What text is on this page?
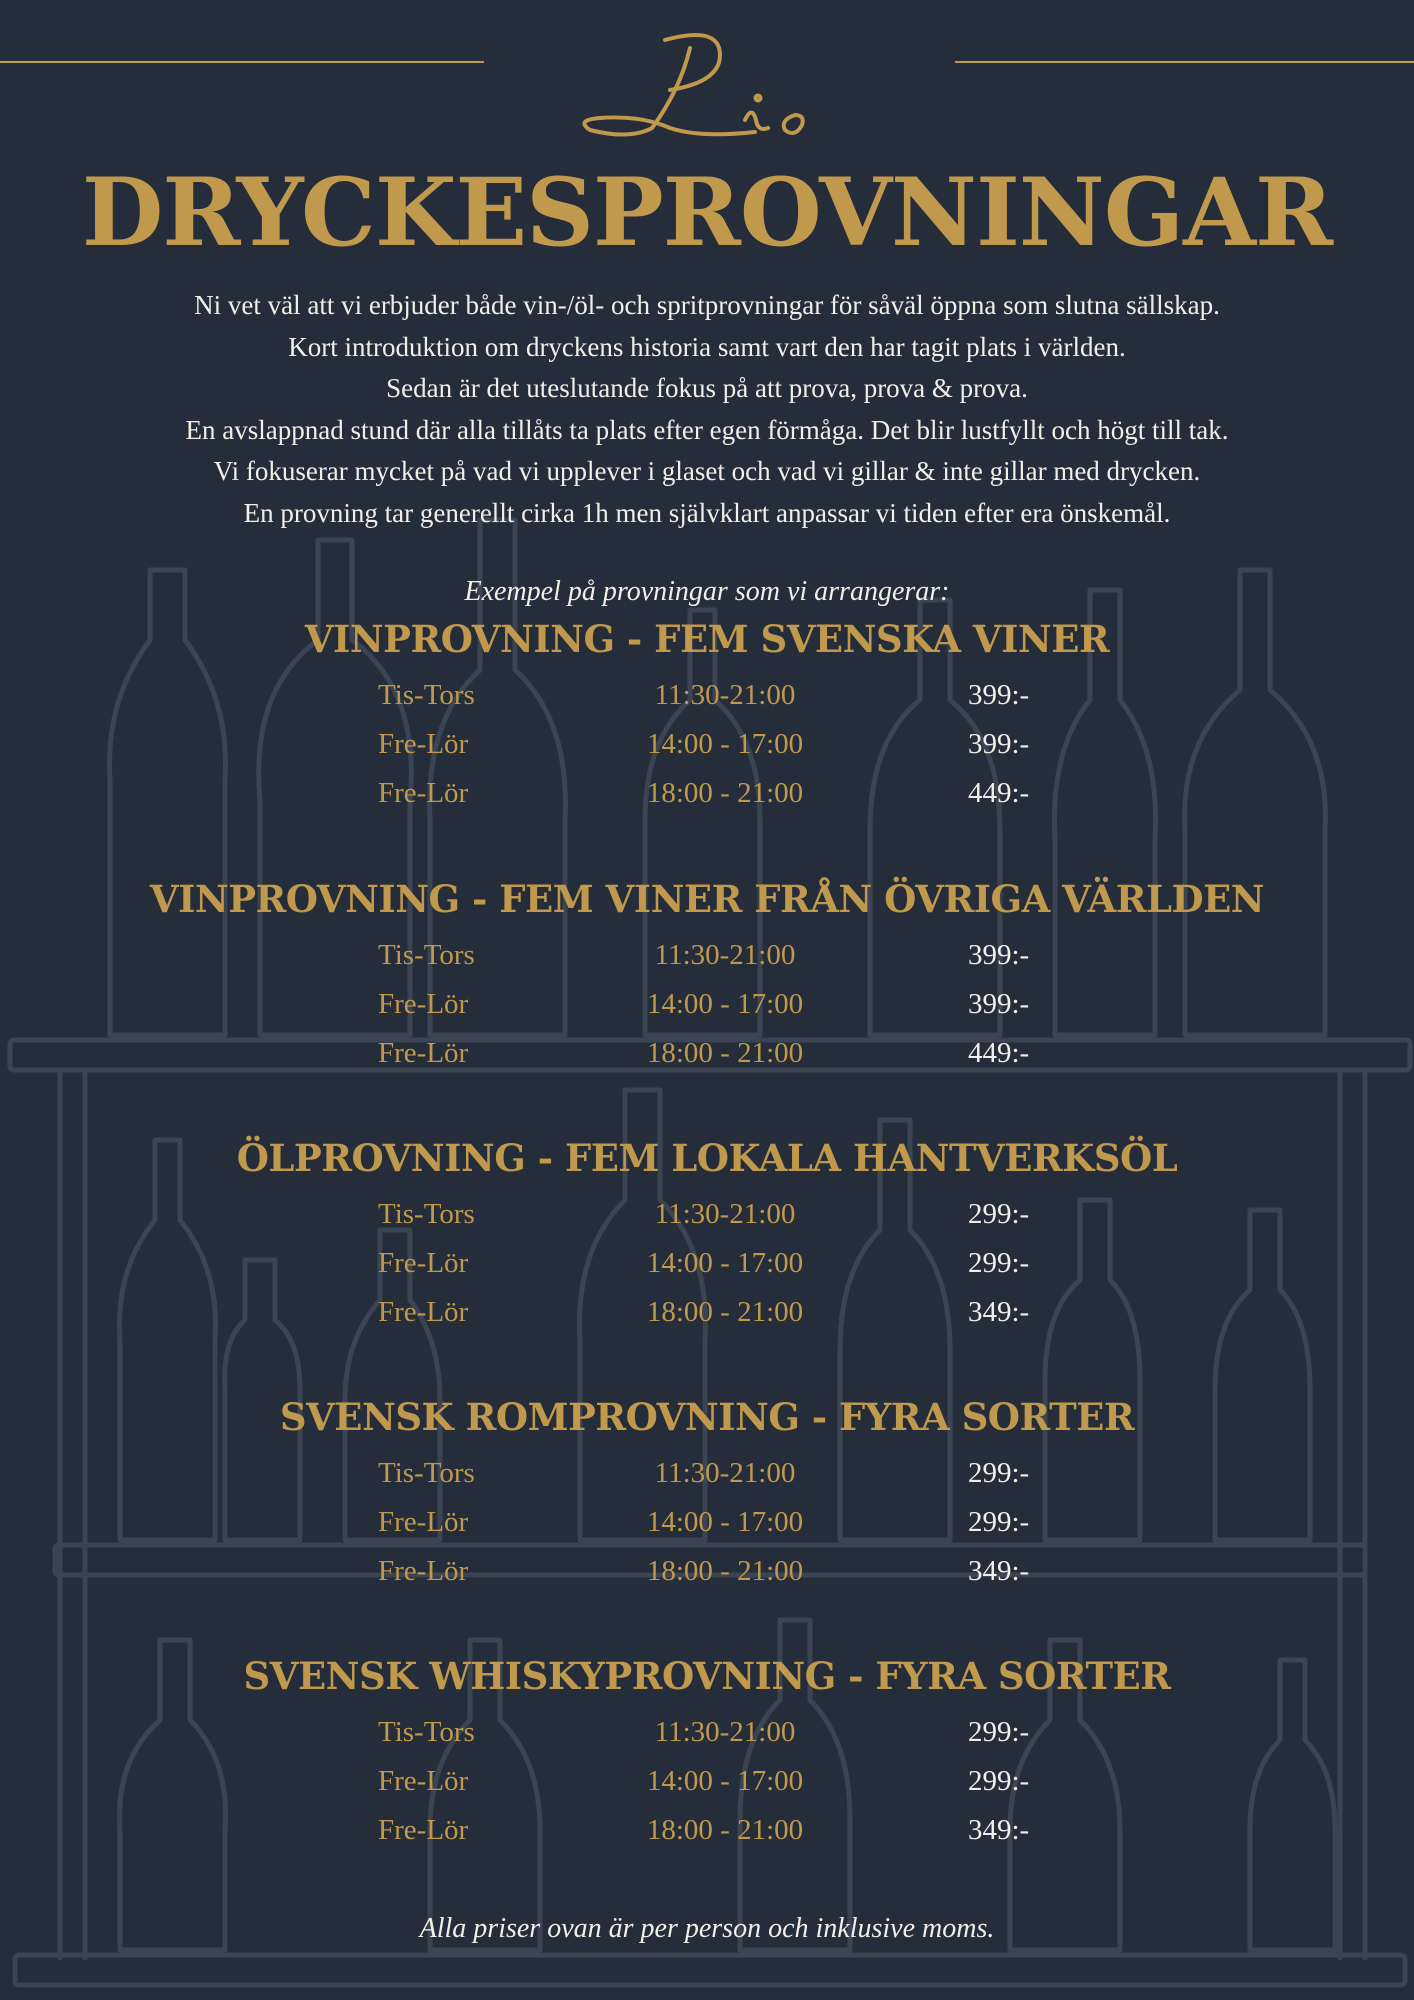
DRYCKESPROVNINGAR
Ni vet väl att vi erbjuder både vin-/öl- och spritprovningar för såväl öppna som slutna sällskap.
Kort introduktion om dryckens historia samt vart den har tagit plats i världen.
Sedan är det uteslutande fokus på att prova, prova & prova.
En avslappnad stund där alla tillåts ta plats efter egen förmåga. Det blir lustfyllt och högt till tak.
Vi fokuserar mycket på vad vi upplever i glaset och vad vi gillar & inte gillar med drycken.
En provning tar generellt cirka 1h men självklart anpassar vi tiden efter era önskemål.
Exempel på provningar som vi arrangerar:
VINPROVNING - FEM SVENSKA VINER
Tis-Tors	11:30-21:00	399:-
Fre-Lör	14:00 - 17:00	399:-
Fre-Lör	18:00 - 21:00	449:-
VINPROVNING - FEM VINER FRÅN ÖVRIGA VÄRLDEN
Tis-Tors	11:30-21:00	399:-
Fre-Lör	14:00 - 17:00	399:-
Fre-Lör	18:00 - 21:00	449:-
ÖLPROVNING - FEM LOKALA HANTVERKSÖL
Tis-Tors	11:30-21:00	299:-
Fre-Lör	14:00 - 17:00	299:-
Fre-Lör	18:00 - 21:00	349:-
SVENSK ROMPROVNING - FYRA SORTER
Tis-Tors	11:30-21:00	299:-
Fre-Lör	14:00 - 17:00	299:-
Fre-Lör	18:00 - 21:00	349:-
SVENSK WHISKYPROVNING - FYRA SORTER
Tis-Tors	11:30-21:00	299:-
Fre-Lör	14:00 - 17:00	299:-
Fre-Lör	18:00 - 21:00	349:-
Alla priser ovan är per person och inklusive moms.
